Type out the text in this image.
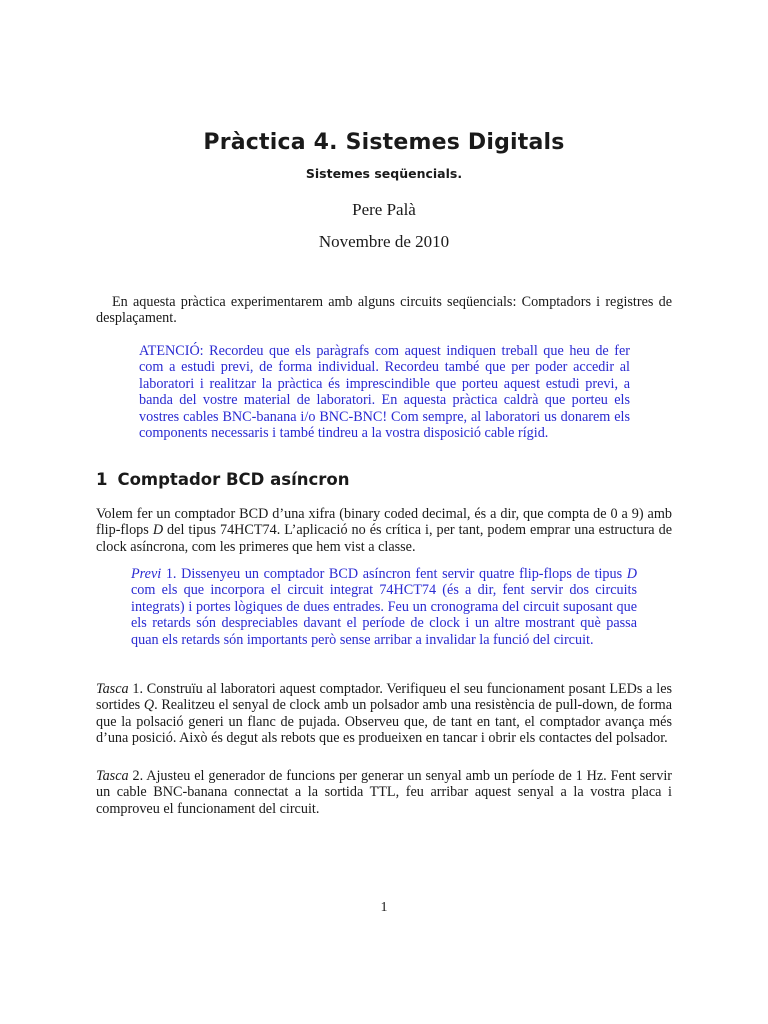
Pràctica 4. Sistemes Digitals
Sistemes seqüencials.
Pere Palà
Novembre de 2010
En aquesta pràctica experimentarem amb alguns circuits seqüencials: Comptadors i registres de desplaçament.
ATENCIÓ: Recordeu que els paràgrafs com aquest indiquen treball que heu de fer com a estudi previ, de forma individual. Recordeu també que per poder accedir al laboratori i realitzar la pràctica és imprescindible que porteu aquest estudi previ, a banda del vostre material de laboratori. En aquesta pràctica caldrà que porteu els vostres cables BNC-banana i/o BNC-BNC! Com sempre, al laboratori us donarem els components necessaris i també tindreu a la vostra disposició cable rígid.
1 Comptador BCD asíncron
Volem fer un comptador BCD d’una xifra (binary coded decimal, és a dir, que compta de 0 a 9) amb flip-flops D del tipus 74HCT74. L’aplicació no és crítica i, per tant, podem emprar una estructura de clock asíncrona, com les primeres que hem vist a classe.
Previ 1. Dissenyeu un comptador BCD asíncron fent servir quatre flip-flops de tipus D com els que incorpora el circuit integrat 74HCT74 (és a dir, fent servir dos circuits integrats) i portes lògiques de dues entrades. Feu un cronograma del circuit suposant que els retards són despreciables davant el període de clock i un altre mostrant què passa quan els retards són importants però sense arribar a invalidar la funció del circuit.
Tasca 1. Construïu al laboratori aquest comptador. Verifiqueu el seu funcionament posant LEDs a les sortides Q. Realitzeu el senyal de clock amb un polsador amb una resistència de pull-down, de forma que la polsació generi un flanc de pujada. Observeu que, de tant en tant, el comptador avança més d’una posició. Això és degut als rebots que es produeixen en tancar i obrir els contactes del polsador.
Tasca 2. Ajusteu el generador de funcions per generar un senyal amb un període de 1 Hz. Fent servir un cable BNC-banana connectat a la sortida TTL, feu arribar aquest senyal a la vostra placa i comproveu el funcionament del circuit.
1
